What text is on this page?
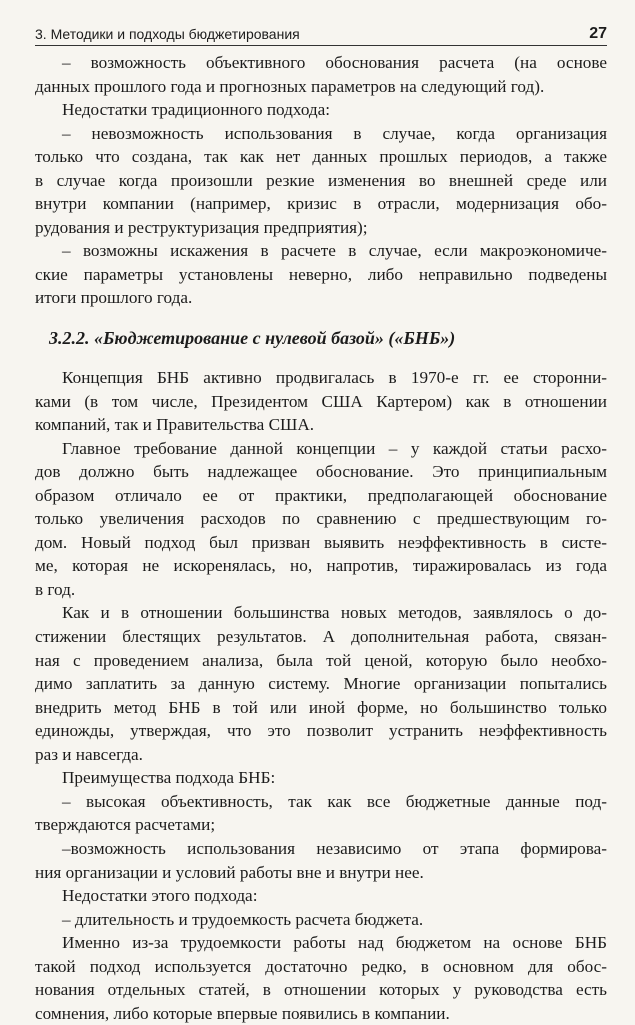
3. Методики и подходы бюджетирования	27
– возможность объективного обоснования расчета (на основе
данных прошлого года и прогнозных параметров на следующий год).
Недостатки традиционного подхода:
– невозможность использования в случае, когда организация
только что создана, так как нет данных прошлых периодов, а также
в случае когда произошли резкие изменения во внешней среде или
внутри компании (например, кризис в отрасли, модернизация обо-
рудования и реструктуризация предприятия);
– возможны искажения в расчете в случае, если макроэкономиче-
ские параметры установлены неверно, либо неправильно подведены
итоги прошлого года.
3.2.2. «Бюджетирование с нулевой базой» («БНБ»)
Концепция БНБ активно продвигалась в 1970-е гг. ее сторонни-
ками (в том числе, Президентом США Картером) как в отношении
компаний, так и Правительства США.
Главное требование данной концепции – у каждой статьи расхо-
дов должно быть надлежащее обоснование. Это принципиальным
образом отличало ее от практики, предполагающей обоснование
только увеличения расходов по сравнению с предшествующим го-
дом. Новый подход был призван выявить неэффективность в систе-
ме, которая не искоренялась, но, напротив, тиражировалась из года
в год.
Как и в отношении большинства новых методов, заявлялось о до-
стижении блестящих результатов. А дополнительная работа, связан-
ная с проведением анализа, была той ценой, которую было необхо-
димо заплатить за данную систему. Многие организации попытались
внедрить метод БНБ в той или иной форме, но большинство только
единожды, утверждая, что это позволит устранить неэффективность
раз и навсегда.
Преимущества подхода БНБ:
– высокая объективность, так как все бюджетные данные под-
тверждаются расчетами;
–возможность использования независимо от этапа формирова-
ния организации и условий работы вне и внутри нее.
Недостатки этого подхода:
– длительность и трудоемкость расчета бюджета.
Именно из-за трудоемкости работы над бюджетом на основе БНБ
такой подход используется достаточно редко, в основном для обос-
нования отдельных статей, в отношении которых у руководства есть
сомнения, либо которые впервые появились в компании.
